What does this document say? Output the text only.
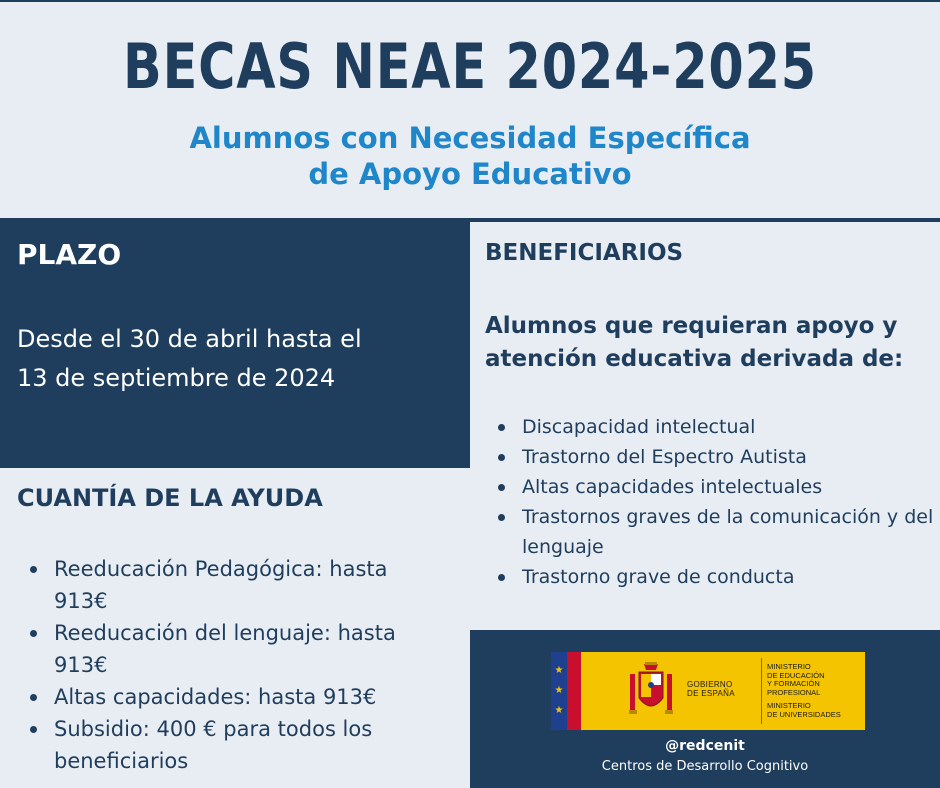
BECAS NEAE 2024-2025
Alumnos con Necesidad Específica
de Apoyo Educativo
PLAZO
Desde el 30 de abril hasta el
13 de septiembre de 2024
BENEFICIARIOS
Alumnos que requieran apoyo y
atención educativa derivada de:
Discapacidad intelectual
Trastorno del Espectro Autista
Altas capacidades intelectuales
Trastornos graves de la comunicación y del lenguaje
Trastorno grave de conducta
CUANTÍA DE LA AYUDA
Reeducación Pedagógica: hasta 913€
Reeducación del lenguaje: hasta 913€
Altas capacidades: hasta 913€
Subsidio: 400 € para todos los beneficiarios
★
★
★
GOBIERNO
DE ESPAÑA
MINISTERIO
DE EDUCACIÓN
Y FORMACIÓN PROFESIONAL
MINISTERIO
DE UNIVERSIDADES
@redcenit
Centros de Desarrollo Cognitivo
